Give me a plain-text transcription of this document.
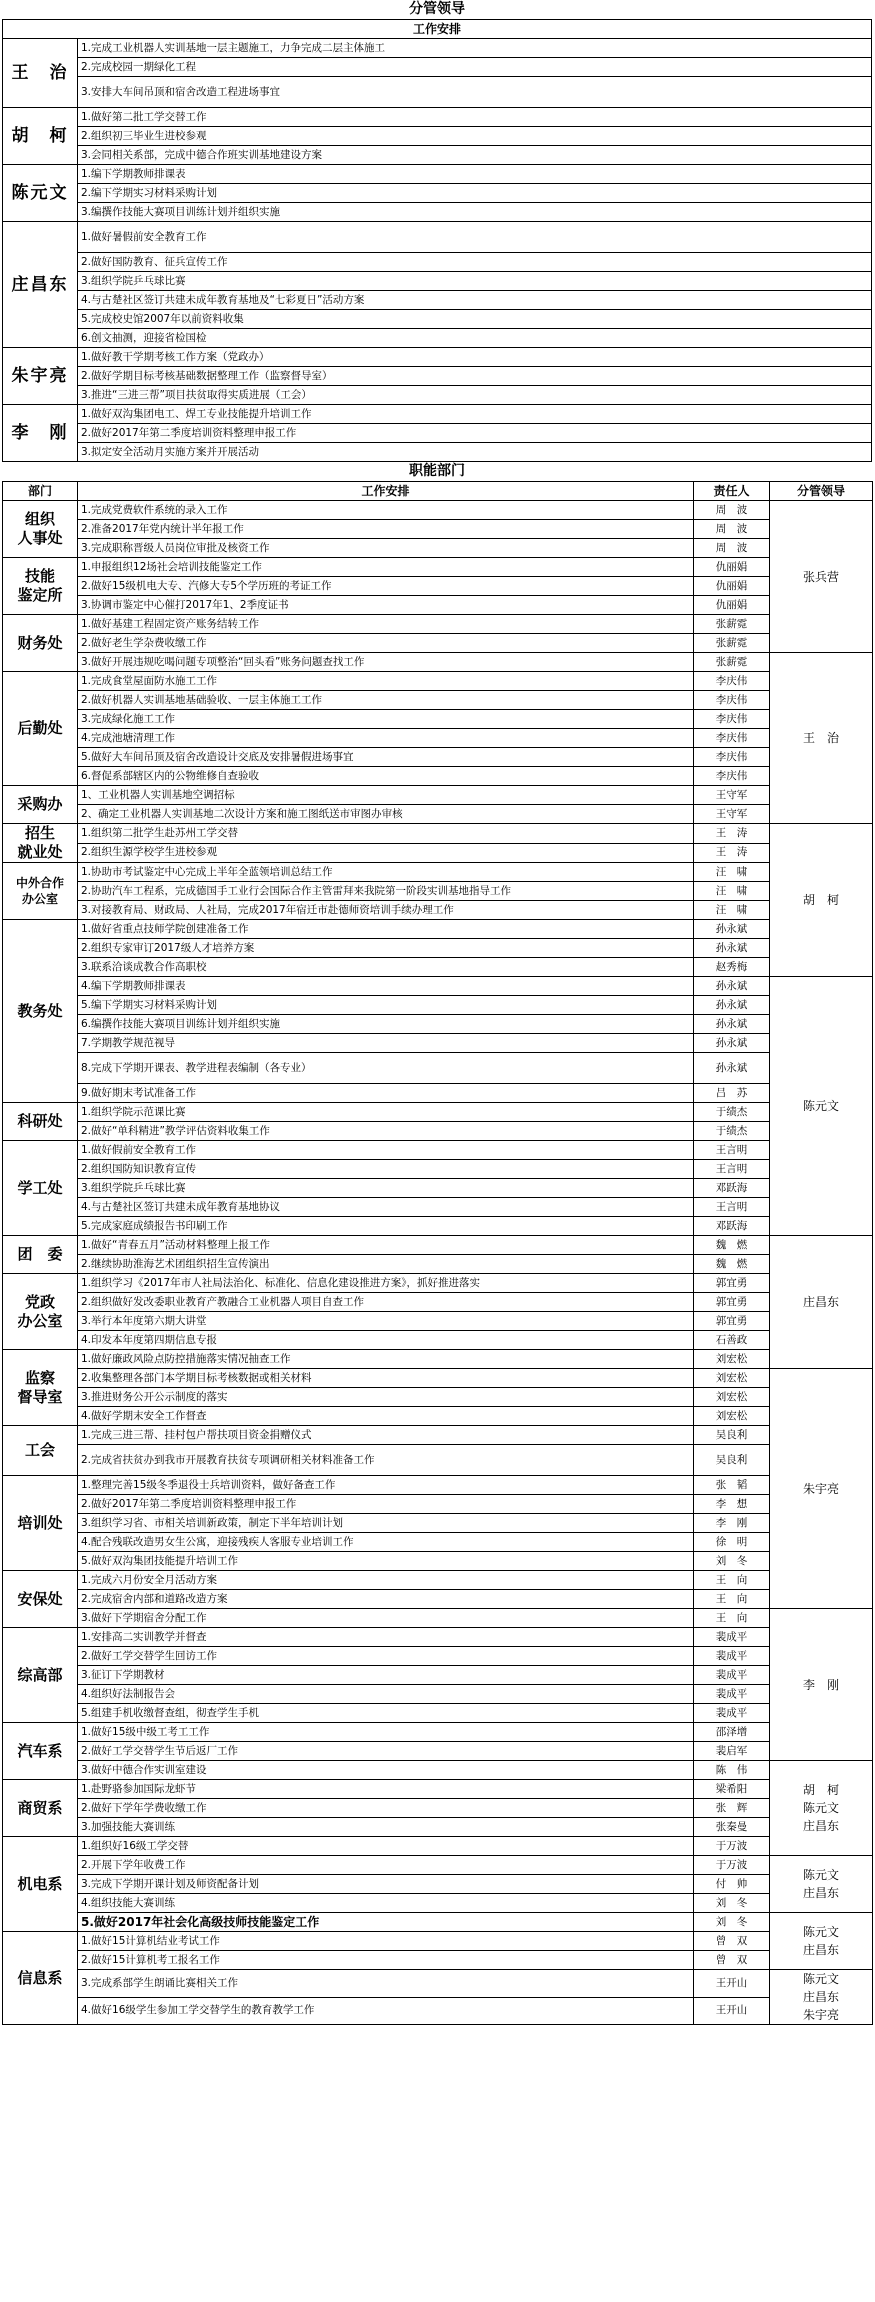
分管领导
工作安排	
王　治	1.完成工业机器人实训基地一层主题施工，力争完成二层主体施工
	2.完成校园一期绿化工程
	3.安排大车间吊顶和宿舍改造工程进场事宜
胡　柯	1.做好第二批工学交替工作
	2.组织初三毕业生进校参观
	3.会同相关系部，完成中德合作班实训基地建设方案
陈元文	1.编下学期教师排课表
	2.编下学期实习材料采购计划
	3.编撰作技能大赛项目训练计划并组织实施
庄昌东	1.做好暑假前安全教育工作
	2.做好国防教育、征兵宣传工作
	3.组织学院乒乓球比赛
	4.与古楚社区签订共建未成年教育基地及“七彩夏日”活动方案
	5.完成校史馆2007年以前资料收集
	6.创文抽测，迎接省检国检
朱宇亮	1.做好教干学期考核工作方案（党政办）
	2.做好学期目标考核基础数据整理工作（监察督导室）
	3.推进“三进三帮”项目扶贫取得实质进展（工会）
李　刚	1.做好双沟集团电工、焊工专业技能提升培训工作
	2.做好2017年第二季度培训资料整理申报工作
	3.拟定安全活动月实施方案并开展活动
职能部门
部门	工作安排	责任人	分管领导
组织
人事处	1.完成党费软件系统的录入工作	周　波	张兵营
	2.准备2017年党内统计半年报工作	周　波	
	3.完成职称晋级人员岗位审批及核资工作	周　波	
技能
鉴定所	1.申报组织12场社会培训技能鉴定工作	仇丽娟	
	2.做好15级机电大专、汽修大专5个学历班的考证工作	仇丽娟	
	3.协调市鉴定中心催打2017年1、2季度证书	仇丽娟	
财务处	1.做好基建工程固定资产账务结转工作	张薪霓	
	2.做好老生学杂费收缴工作	张薪霓	
	3.做好开展违规吃喝问题专项整治“回头看”账务问题查找工作	张薪霓	王　治
后勤处	1.完成食堂屋面防水施工工作	李庆伟	
	2.做好机器人实训基地基础验收、一层主体施工工作	李庆伟	
	3.完成绿化施工工作	李庆伟	
	4.完成池塘清理工作	李庆伟	
	5.做好大车间吊顶及宿舍改造设计交底及安排暑假进场事宜	李庆伟	
	6.督促系部辖区内的公物维修自查验收	李庆伟	
采购办	1、工业机器人实训基地空调招标	王守军	
	2、确定工业机器人实训基地二次设计方案和施工图纸送市审图办审核	王守军	
招生
就业处	1.组织第二批学生赴苏州工学交替	王　涛	胡　柯
	2.组织生源学校学生进校参观	王　涛	
中外合作
办公室	1.协助市考试鉴定中心完成上半年全蓝领培训总结工作	汪　啸	
	2.协助汽车工程系，完成德国手工业行会国际合作主管雷拜来我院第一阶段实训基地指导工作	汪　啸	
	3.对接教育局、财政局、人社局，完成2017年宿迁市赴德师资培训手续办理工作	汪　啸	
教务处	1.做好省重点技师学院创建准备工作	孙永斌	
	2.组织专家审订2017级人才培养方案	孙永斌	
	3.联系洽谈成教合作高职校	赵秀梅	
	4.编下学期教师排课表	孙永斌	陈元文
	5.编下学期实习材料采购计划	孙永斌	
	6.编撰作技能大赛项目训练计划并组织实施	孙永斌	
	7.学期教学规范视导	孙永斌	
	8.完成下学期开课表、教学进程表编制（各专业）	孙永斌	
	9.做好期末考试准备工作	吕　苏	
科研处	1.组织学院示范课比赛	于绩杰	
	2.做好“单科精进”教学评估资料收集工作	于绩杰	
学工处	1.做好假前安全教育工作	王言明	
	2.组织国防知识教育宣传	王言明	
	3.组织学院乒乓球比赛	邓跃海	
	4.与古楚社区签订共建未成年教育基地协议	王言明	
	5.完成家庭成绩报告书印刷工作	邓跃海	
团　委	1.做好“青春五月”活动材料整理上报工作	魏　燃	庄昌东
	2.继续协助淮海艺术团组织招生宣传演出	魏　燃	
党政
办公室	1.组织学习《2017年市人社局法治化、标准化、信息化建设推进方案》，抓好推进落实	郭宜勇	
	2.组织做好发改委职业教育产教融合工业机器人项目自查工作	郭宜勇	
	3.举行本年度第六期大讲堂	郭宜勇	
	4.印发本年度第四期信息专报	石善政	
监察
督导室	1.做好廉政风险点防控措施落实情况抽查工作	刘宏松	
	2.收集整理各部门本学期目标考核数据或相关材料	刘宏松	朱宇亮
	3.推进财务公开公示制度的落实	刘宏松	
	4.做好学期末安全工作督查	刘宏松	
工会	1.完成三进三帮、挂村包户帮扶项目资金捐赠仪式	吴良利	
	2.完成省扶贫办到我市开展教育扶贫专项调研相关材料准备工作	吴良利	
培训处	1.整理完善15级冬季退役士兵培训资料，做好备查工作	张　韬	
	2.做好2017年第二季度培训资料整理申报工作	李　想	
	3.组织学习省、市相关培训新政策，制定下半年培训计划	李　刚	
	4.配合残联改造男女生公寓，迎接残疾人客服专业培训工作	徐　明	
	5.做好双沟集团技能提升培训工作	刘　冬	
安保处	1.完成六月份安全月活动方案	王　向	
	2.完成宿舍内部和道路改造方案	王　向	
	3.做好下学期宿舍分配工作	王　向	李　刚
综高部	1.安排高二实训教学并督查	裴成平	
	2.做好工学交替学生回访工作	裴成平	
	3.征订下学期教材	裴成平	
	4.组织好法制报告会	裴成平	
	5.组建手机收缴督查组，彻查学生手机	裴成平	
汽车系	1.做好15级中级工考工工作	邵泽增	
	2.做好工学交替学生节后返厂工作	裴启军	
	3.做好中德合作实训室建设	陈　伟	胡　柯
陈元文
庄昌东
商贸系	1.赴野骆参加国际龙虾节	梁希阳	
	2.做好下学年学费收缴工作	张　辉	
	3.加强技能大赛训练	张秦曼	
机电系	1.组织好16级工学交替	于万波	
	2.开展下学年收费工作	于万波	陈元文
庄昌东
	3.完成下学期开课计划及师资配备计划	付　帅	
	4.组织技能大赛训练	刘　冬	
	5.做好2017年社会化高级技师技能鉴定工作	刘　冬	陈元文
庄昌东
信息系	1.做好15计算机结业考试工作	曾　双	
	2.做好15计算机考工报名工作	曾　双	
	3.完成系部学生朗诵比赛相关工作	王开山	陈元文
庄昌东
朱宇亮
	4.做好16级学生参加工学交替学生的教育教学工作	王开山	
